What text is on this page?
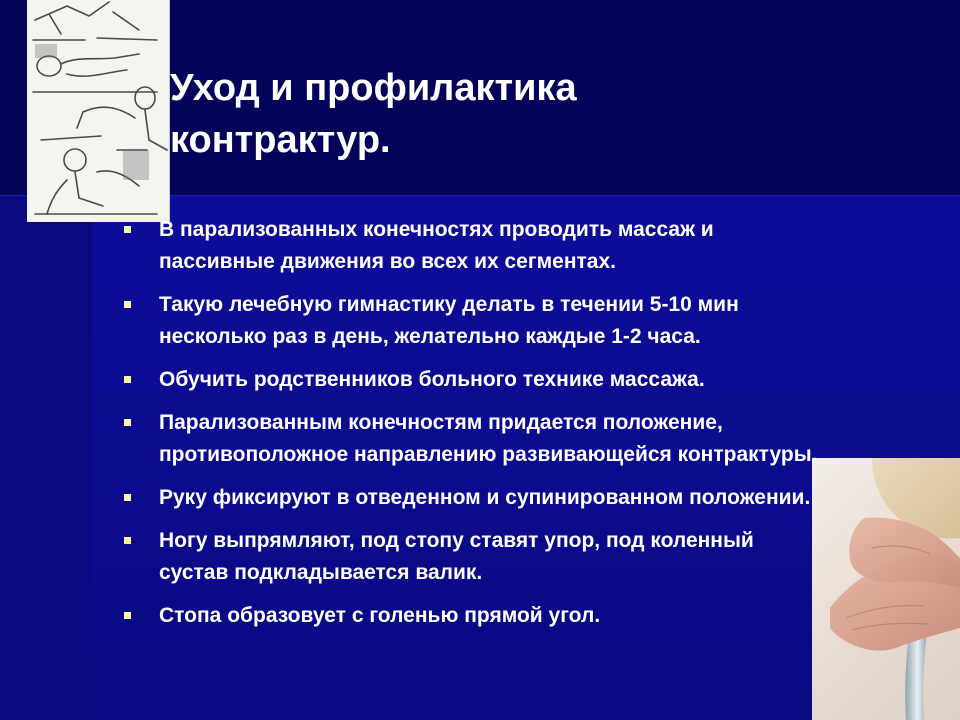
Уход и профилактика контрактур.
В парализованных конечностях проводить массаж и пассивные движения во всех их сегментах.
Такую лечебную гимнастику делать в течении 5-10 мин несколько раз в день, желательно каждые 1-2 часа.
Обучить родственников больного технике массажа.
Парализованным конечностям придается положение, противоположное направлению развивающейся контрактуры.
Руку фиксируют в отведенном и супинированном положении.
Ногу выпрямляют, под стопу ставят упор, под коленный сустав подкладывается валик.
Стопа образовует с голенью прямой угол.
